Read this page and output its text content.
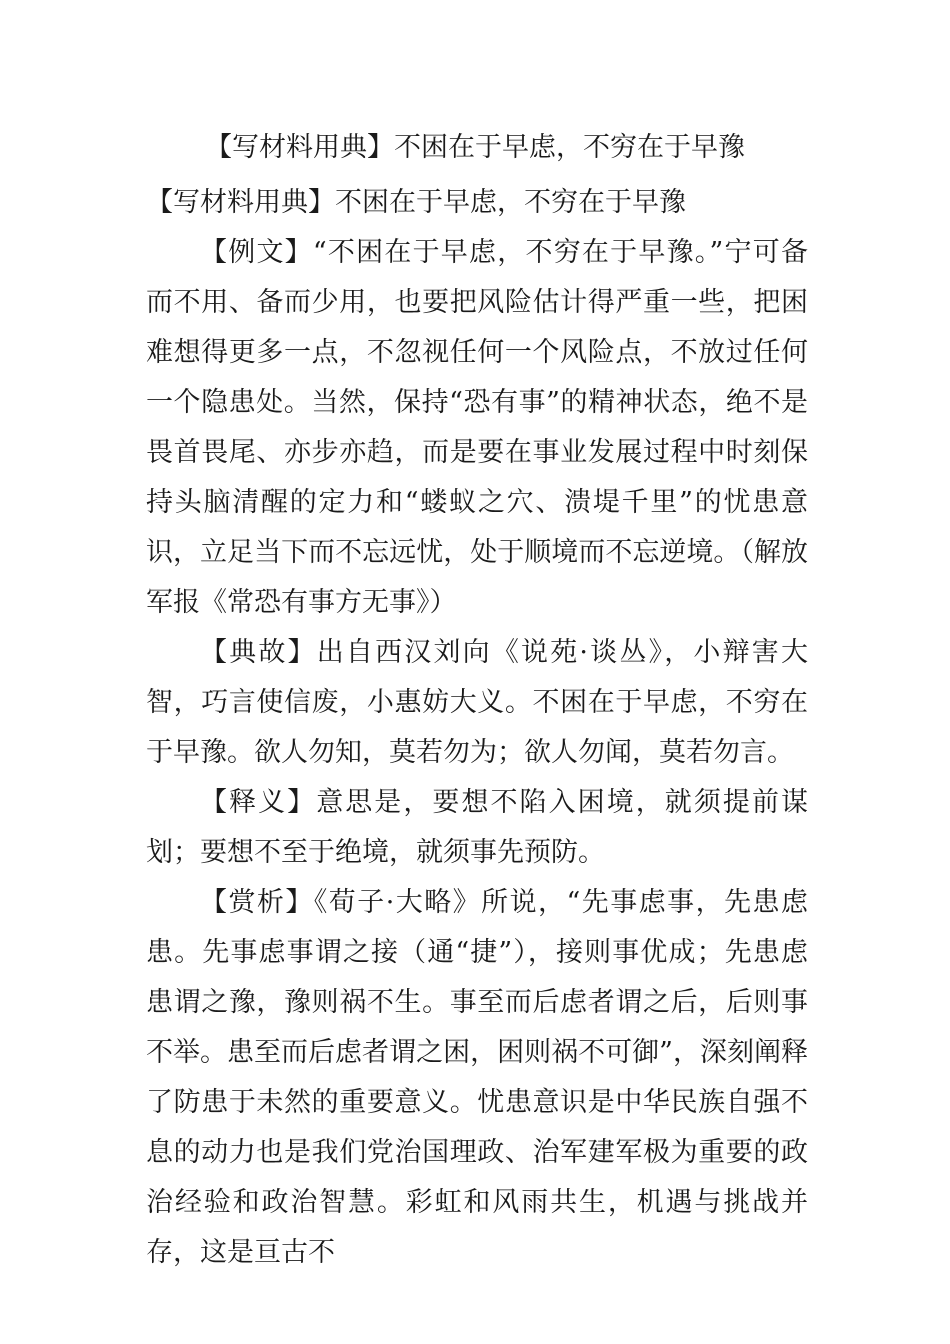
【写材料用典】不困在于早虑，不穷在于早豫

【写材料用典】不困在于早虑，不穷在于早豫

【例文】“不困在于早虑，不穷在于早豫。”宁可备而不用、备而少用，也要把风险估计得严重一些，把困难想得更多一点，不忽视任何一个风险点，不放过任何一个隐患处。当然，保持“恐有事”的精神状态，绝不是畏首畏尾、亦步亦趋，而是要在事业发展过程中时刻保持头脑清醒的定力和“蝼蚁之穴、溃堤千里”的忧患意识，立足当下而不忘远忧，处于顺境而不忘逆境。（解放军报《常恐有事方无事》）

【典故】出自西汉刘向《说苑·谈丛》，小辩害大智，巧言使信废，小惠妨大义。不困在于早虑，不穷在于早豫。欲人勿知，莫若勿为；欲人勿闻，莫若勿言。

【释义】意思是，要想不陷入困境，就须提前谋划；要想不至于绝境，就须事先预防。

【赏析】《荀子·大略》所说，“先事虑事，先患虑患。先事虑事谓之接（通“捷”），接则事优成；先患虑患谓之豫，豫则祸不生。事至而后虑者谓之后，后则事不举。患至而后虑者谓之困，困则祸不可御”，深刻阐释了防患于未然的重要意义。忧患意识是中华民族自强不息的动力也是我们党治国理政、治军建军极为重要的政治经验和政治智慧。彩虹和风雨共生，机遇与挑战并存，这是亘古不
